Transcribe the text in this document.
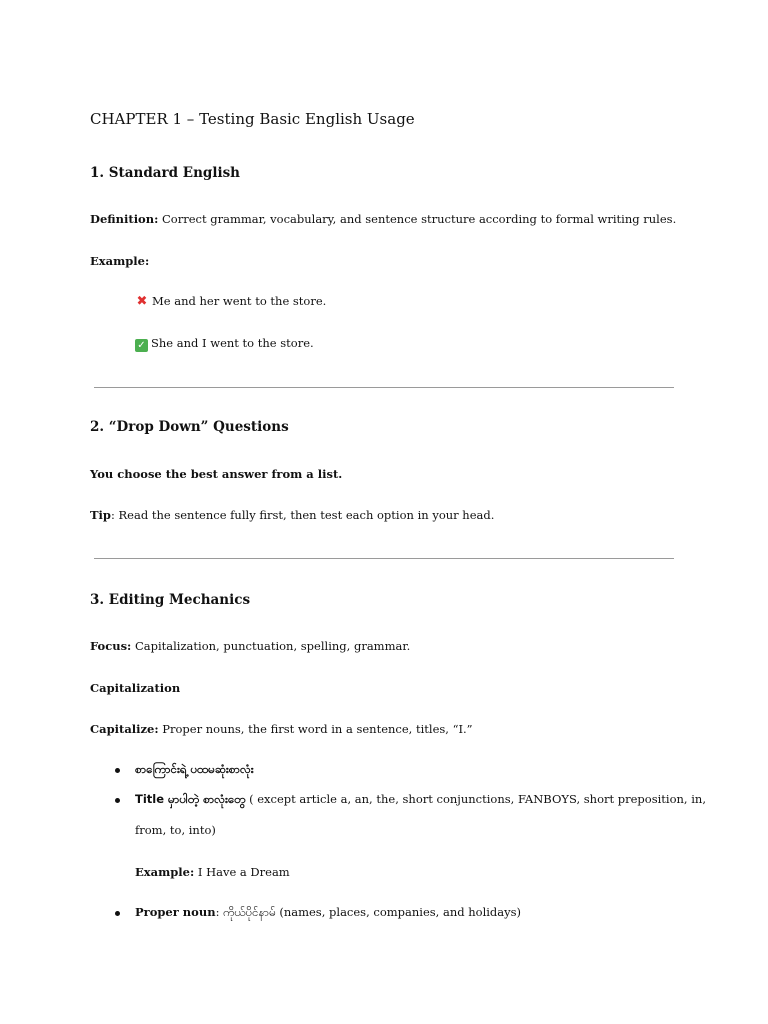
CHAPTER 1 – Testing Basic English Usage
1. Standard English
Definition: Correct grammar, vocabulary, and sentence structure according to formal writing rules.
Example:
✖ Me and her went to the store.
✓ She and I went to the store.
2. “Drop Down” Questions
You choose the best answer from a list.
Tip: Read the sentence fully first, then test each option in your head.
3. Editing Mechanics
Focus: Capitalization, punctuation, spelling, grammar.
Capitalization
Capitalize: Proper nouns, the first word in a sentence, titles, “I.”
စာကြောင်းရဲ့ ပထမဆုံးစာလုံး
Title မှာပါတဲ့ စာလုံးတွေ ( except article a, an, the, short conjunctions, FANBOYS, short preposition, in,
from, to, into)
Example: I Have a Dream
Proper noun: ကိုယ်ပိုင်နာမ် (names, places, companies, and holidays)
